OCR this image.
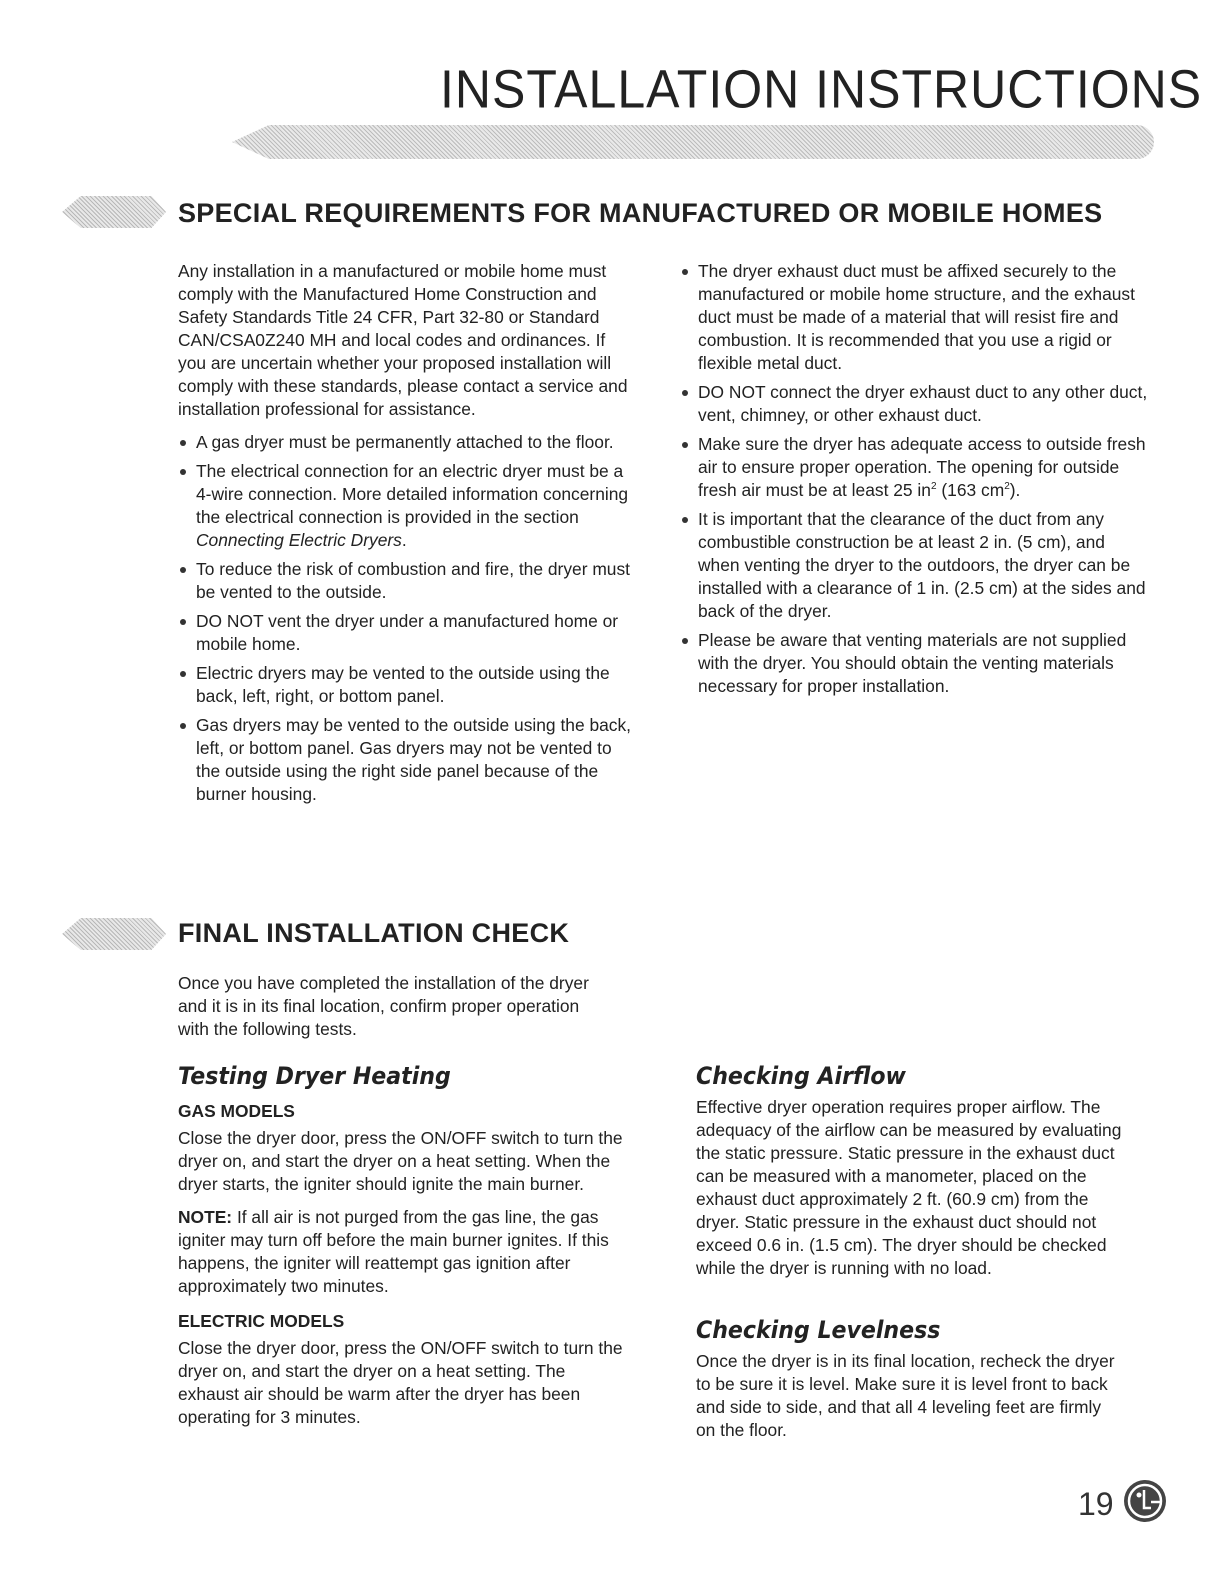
INSTALLATION INSTRUCTIONS
SPECIAL REQUIREMENTS FOR MANUFACTURED OR MOBILE HOMES

Any installation in a manufactured or mobile home must comply with the Manufactured Home Construction and Safety Standards Title 24 CFR, Part 32-80 or Standard CAN/CSA0Z240 MH and local codes and ordinances. If you are uncertain whether your proposed installation will comply with these standards, please contact a service and installation professional for assistance.

A gas dryer must be permanently attached to the floor.
The electrical connection for an electric dryer must be a 4-wire connection. More detailed information concerning the electrical connection is provided in the section Connecting Electric Dryers.
To reduce the risk of combustion and fire, the dryer must be vented to the outside.
DO NOT vent the dryer under a manufactured home or mobile home.
Electric dryers may be vented to the outside using the back, left, right, or bottom panel.
Gas dryers may be vented to the outside using the back, left, or bottom panel. Gas dryers may not be vented to the outside using the right side panel because of the burner housing.
The dryer exhaust duct must be affixed securely to the manufactured or mobile home structure, and the exhaust duct must be made of a material that will resist fire and combustion. It is recommended that you use a rigid or flexible metal duct.
DO NOT connect the dryer exhaust duct to any other duct, vent, chimney, or other exhaust duct.
Make sure the dryer has adequate access to outside fresh air to ensure proper operation. The opening for outside fresh air must be at least 25 $in^2$ (163 $cm^2$).
It is important that the clearance of the duct from any combustible construction be at least 2 in. (5 cm), and when venting the dryer to the outdoors, the dryer can be installed with a clearance of 1 in. (2.5 cm) at the sides and back of the dryer.
Please be aware that venting materials are not supplied with the dryer. You should obtain the venting materials necessary for proper installation.
FINAL INSTALLATION CHECK

Once you have completed the installation of the dryer and it is in its final location, confirm proper operation with the following tests.

Testing Dryer Heating
GAS MODELS

Close the dryer door, press the ON/OFF switch to turn the dryer on, and start the dryer on a heat setting. When the dryer starts, the igniter should ignite the main burner.

NOTE: If all air is not purged from the gas line, the gas igniter may turn off before the main burner ignites. If this happens, the igniter will reattempt gas ignition after approximately two minutes.

ELECTRIC MODELS

Close the dryer door, press the ON/OFF switch to turn the dryer on, and start the dryer on a heat setting. The exhaust air should be warm after the dryer has been operating for 3 minutes.

Checking Airflow

Effective dryer operation requires proper airflow. The adequacy of the airflow can be measured by evaluating the static pressure. Static pressure in the exhaust duct can be measured with a manometer, placed on the exhaust duct approximately 2 ft. (60.9 cm) from the dryer. Static pressure in the exhaust duct should not exceed 0.6 in. (1.5 cm). The dryer should be checked while the dryer is running with no load.

Checking Levelness

Once the dryer is in its final location, recheck the dryer to be sure it is level. Make sure it is level front to back and side to side, and that all 4 leveling feet are firmly on the floor.

19
